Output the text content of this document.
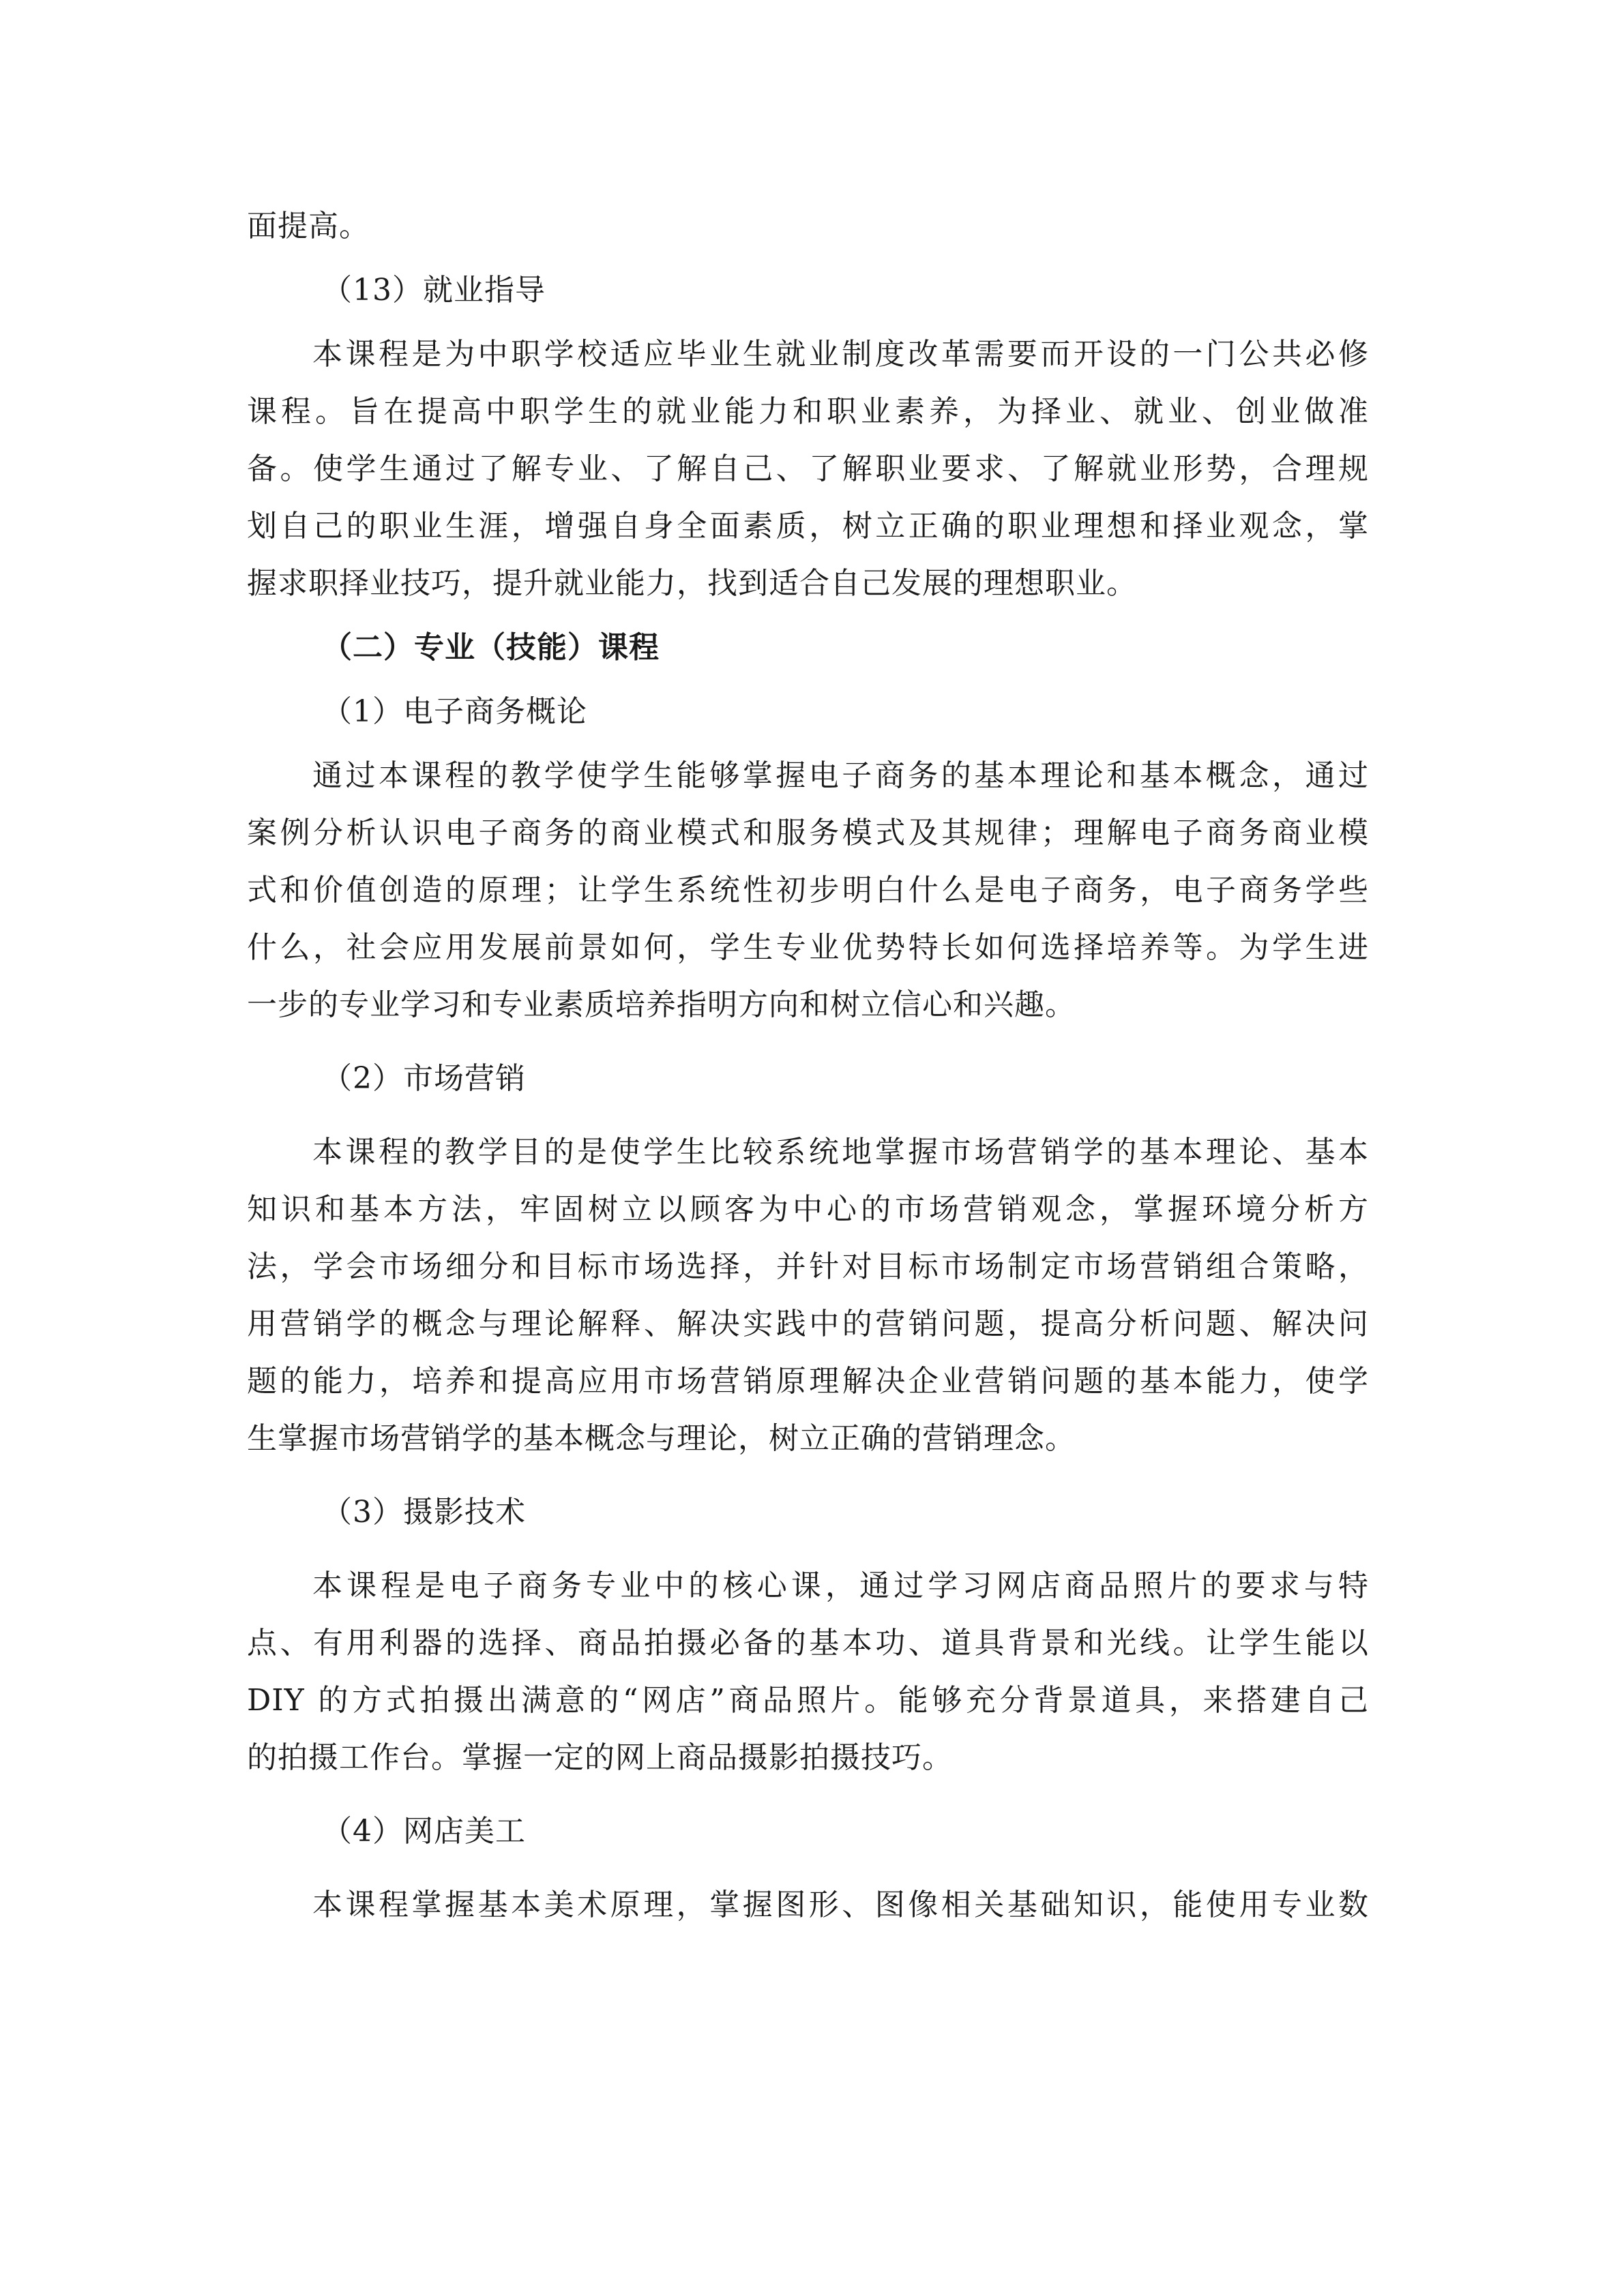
面提高。
（13）就业指导
本课程是为中职学校适应毕业生就业制度改革需要而开设的一门公共必修
课程。旨在提高中职学生的就业能力和职业素养，为择业、就业、创业做准
备。使学生通过了解专业、了解自己、了解职业要求、了解就业形势，合理规
划自己的职业生涯，增强自身全面素质，树立正确的职业理想和择业观念，掌
握求职择业技巧，提升就业能力，找到适合自己发展的理想职业。
（二）专业（技能）课程
（1）电子商务概论
通过本课程的教学使学生能够掌握电子商务的基本理论和基本概念，通过
案例分析认识电子商务的商业模式和服务模式及其规律；理解电子商务商业模
式和价值创造的原理；让学生系统性初步明白什么是电子商务，电子商务学些
什么，社会应用发展前景如何，学生专业优势特长如何选择培养等。为学生进
一步的专业学习和专业素质培养指明方向和树立信心和兴趣。
（2）市场营销
本课程的教学目的是使学生比较系统地掌握市场营销学的基本理论、基本
知识和基本方法，牢固树立以顾客为中心的市场营销观念，掌握环境分析方
法，学会市场细分和目标市场选择，并针对目标市场制定市场营销组合策略，
用营销学的概念与理论解释、解决实践中的营销问题，提高分析问题、解决问
题的能力，培养和提高应用市场营销原理解决企业营销问题的基本能力，使学
生掌握市场营销学的基本概念与理论，树立正确的营销理念。
（3）摄影技术
本课程是电子商务专业中的核心课，通过学习网店商品照片的要求与特
点、有用利器的选择、商品拍摄必备的基本功、道具背景和光线。让学生能以
DIY 的方式拍摄出满意的“网店”商品照片。能够充分背景道具，来搭建自己
的拍摄工作台。掌握一定的网上商品摄影拍摄技巧。
（4）网店美工
本课程掌握基本美术原理，掌握图形、图像相关基础知识，能使用专业数
